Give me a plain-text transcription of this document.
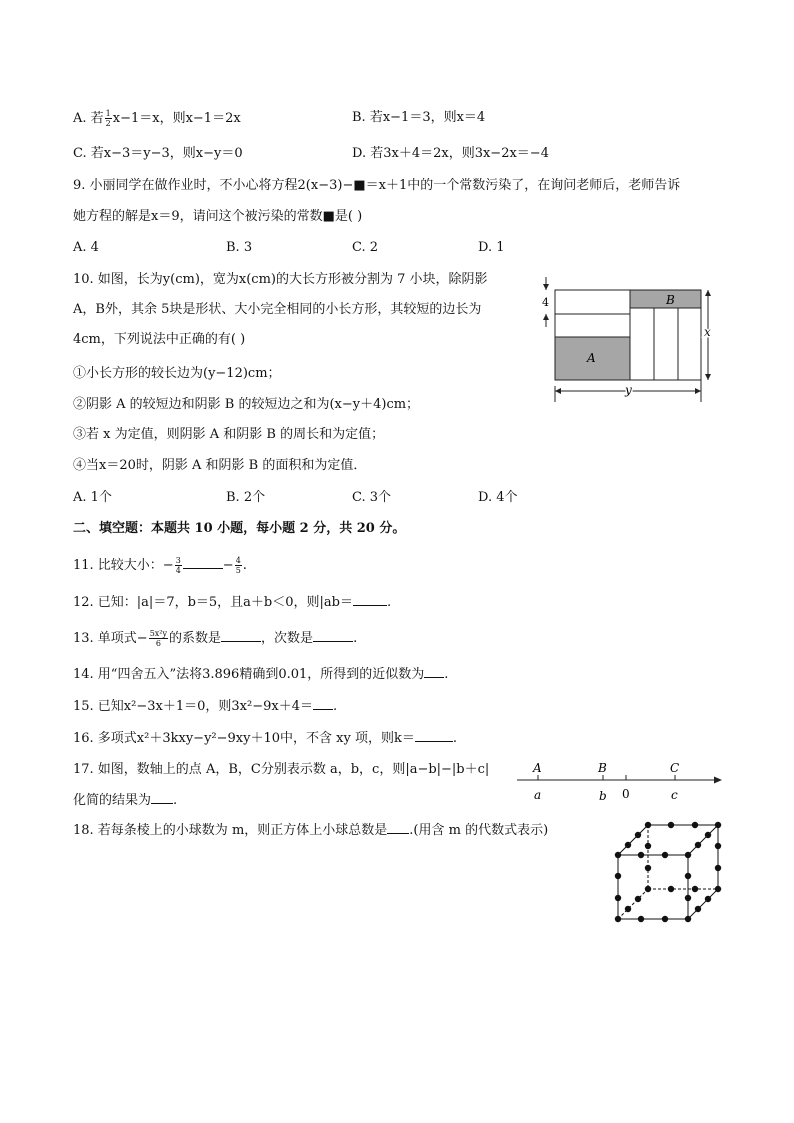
A. 若 $\frac{1}{2} x-1=x$，则x−1＝2x	B. 若x−1＝3，则x＝4
C. 若x−3＝y−3，则x−y＝0	D. 若3x＋4＝2x，则3x−2x＝−4
9. 小丽同学在做作业时，不小心将方程2(x−3)−■＝x＋1中的一个常数污染了，在询问老师后，老师告诉
她方程的解是x＝9，请问这个被污染的常数■是( )
A. 4	B. 3	C. 2	D. 1
10. 如图，长为y(cm)，宽为x(cm)的大长方形被分割为 7 小块，除阴影
A，B外，其余 5块是形状、大小完全相同的小长方形，其较短的边长为
4cm，下列说法中正确的有( )
①小长方形的较长边为(y−12)cm；
②阴影 A 的较短边和阴影 B 的较短边之和为(x−y＋4)cm；
③若 x 为定值，则阴影 A 和阴影 B 的周长和为定值；
④当x＝20时，阴影 A 和阴影 B 的面积和为定值．
A. 1个	B. 2个	C. 3个	D. 4个
4
A
B
x
y
二、填空题：本题共 10 小题，每小题 2 分，共 20 分。
11. 比较大小：− $\frac{3}{4}$	− $\frac{4}{5}$ .
12. 已知：|a|＝7，b＝5，且a＋b＜0，则|ab＝	.
13. 单项式− $\frac{\text{5x²y}}{6}$ 的系数是	，次数是	.
14. 用“四舍五入”法将3.896精确到0.01，所得到的近似数为 .
15. 已知x²−3x＋1＝0，则3x²−9x＋4＝ .
16. 多项式x²＋3kxy−y²−9xy＋10中，不含 xy 项，则k＝	.
17. 如图，数轴上的点 A，B，C分别表示数 a，b，c，则|a−b|−|b＋c|
化简的结果为 .
A	B	C
a	b 0	c
18. 若每条棱上的小球数为 m，则正方体上小球总数是 .(用含 m 的代数式表示)
